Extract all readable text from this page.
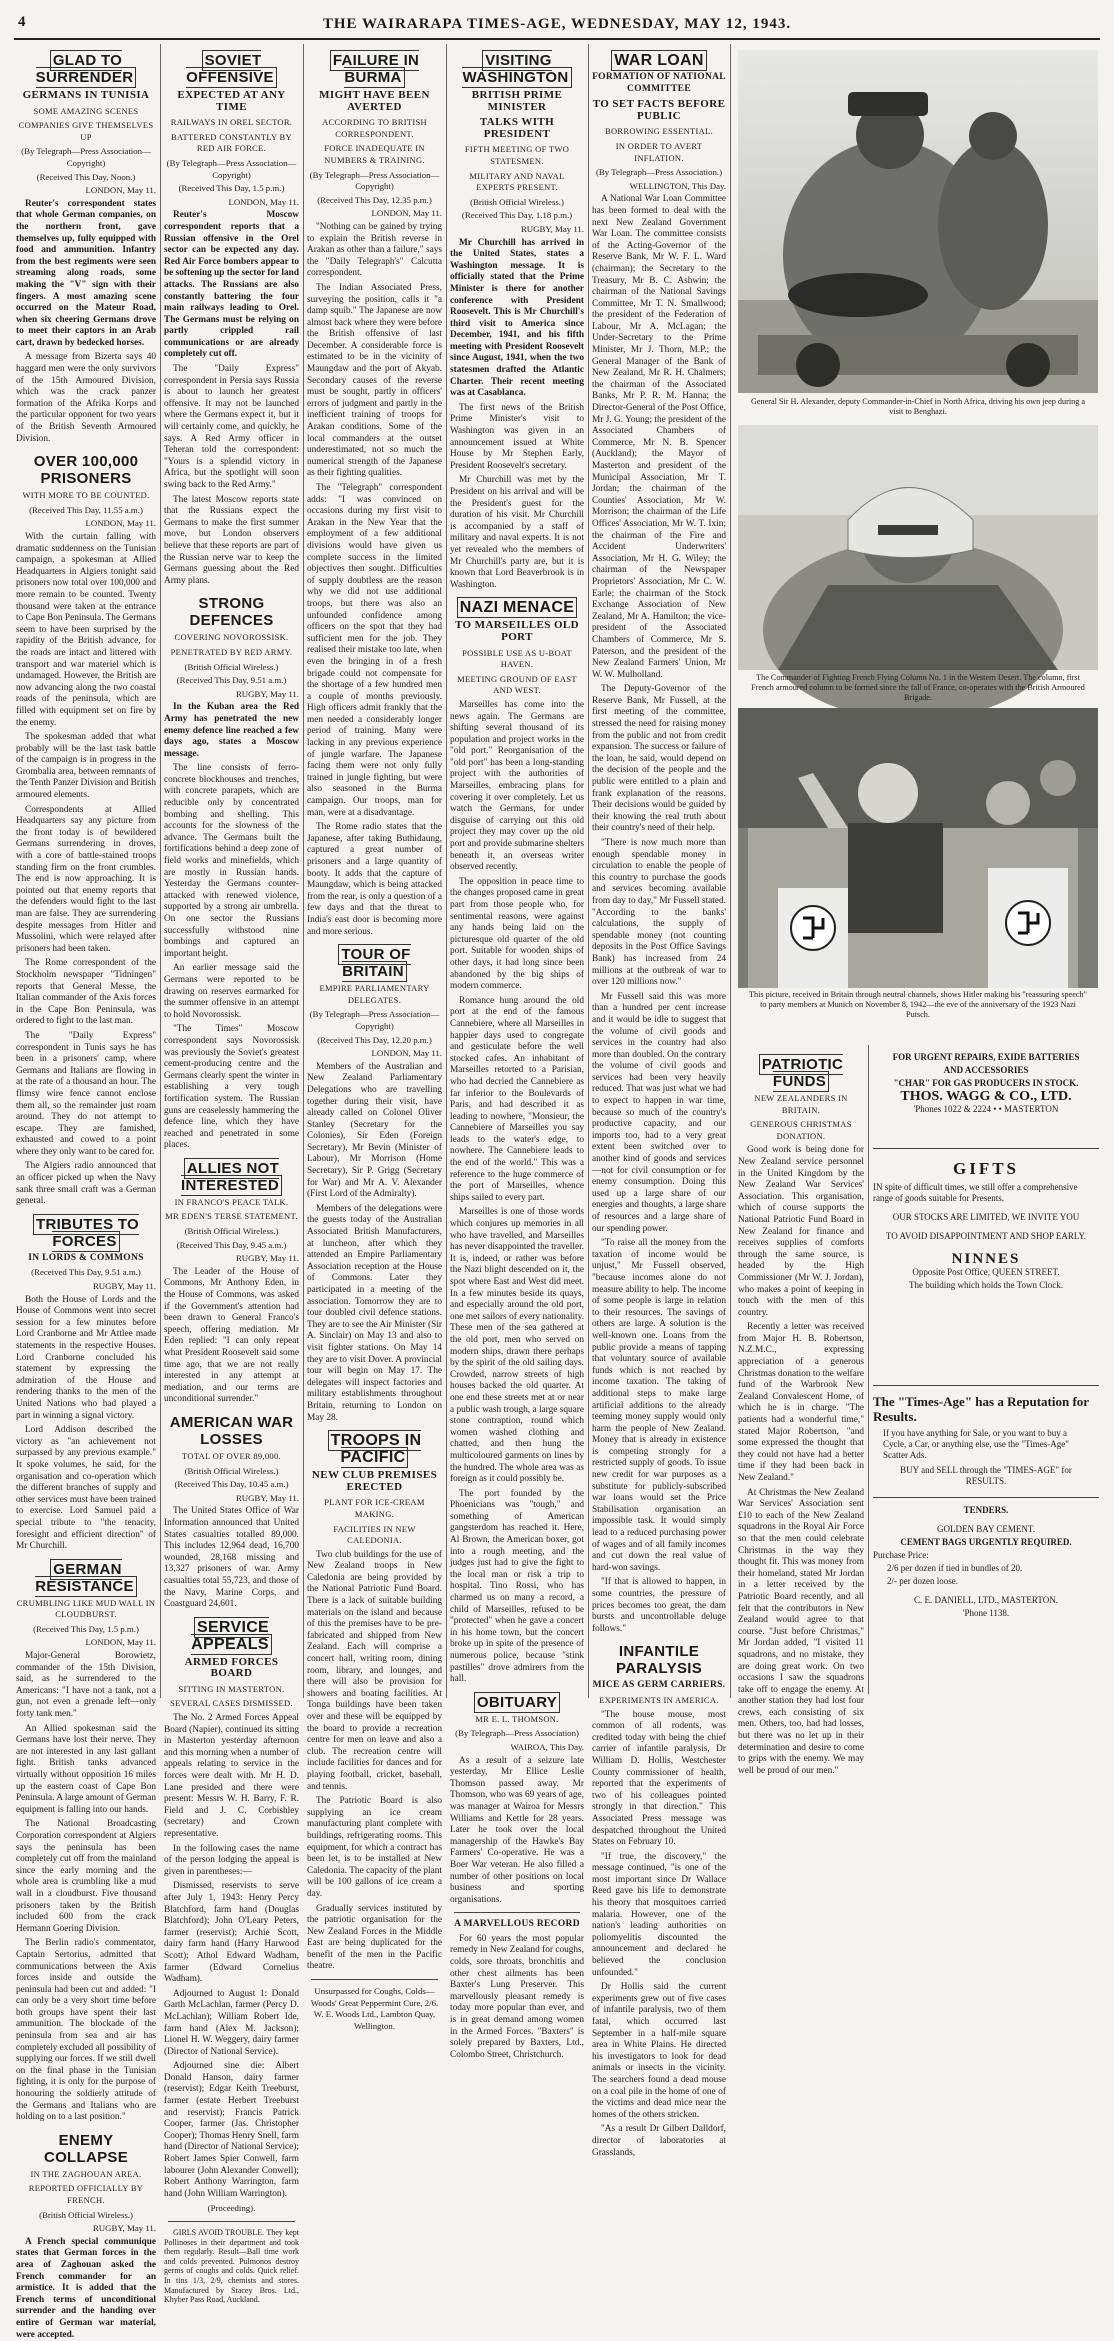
4	THE WAIRARAPA TIMES-AGE, WEDNESDAY, MAY 12, 1943.
GLAD TO SURRENDER
GERMANS IN TUNISIA
SOME AMAZING SCENES
COMPANIES GIVE THEMSELVES UP
(By Telegraph—Press Association—Copyright)
(Received This Day, Noon.)
LONDON, May 11.

Reuter's correspondent states that whole German companies, on the northern front, gave themselves up, fully equipped with food and ammunition. Infantry from the best regiments were seen streaming along roads, some making the "V" sign with their fingers. A most amazing scene occurred on the Mateur Road, when six cheering Germans drove to meet their captors in an Arab cart, drawn by bedecked horses.

A message from Bizerta says 40 haggard men were the only survivors of the 15th Armoured Division, which was the crack panzer formation of the Afrika Korps and the particular opponent for two years of the British Seventh Armoured Division.

OVER 100,000 PRISONERS
WITH MORE TO BE COUNTED.
(Received This Day, 11.55 a.m.)
LONDON, May 11.

With the curtain falling with dramatic suddenness on the Tunisian campaign, a spokesman at Allied Headquarters in Algiers tonight said prisoners now total over 100,000 and more remain to be counted. Twenty thousand were taken at the entrance to Cape Bon Peninsula. The Germans seem to have been surprised by the rapidity of the British advance, for the roads are intact and littered with transport and war materiel which is undamaged. However, the British are now advancing along the two coastal roads of the peninsula, which are filled with equipment set on fire by the enemy.

The spokesman added that what probably will be the last task battle of the campaign is in progress in the Grombalia area, between remnants of the Tenth Panzer Division and British armoured elements.

Correspondents at Allied Headquarters say any picture from the front today is of bewildered Germans surrendering in droves, with a core of battle-stained troops standing firm on the front crumbles. The end is now approaching. It is pointed out that enemy reports that the defenders would fight to the last man are false. They are surrendering despite messages from Hitler and Mussolini, which were relayed after prisoners had been taken.

The Rome correspondent of the Stockholm newspaper "Tidningen" reports that General Messe, the Italian commander of the Axis forces in the Cape Bon Peninsula, was ordered to fight to the last man.

The "Daily Express" correspondent in Tunis says he has been in a prisoners' camp, where Germans and Italians are flowing in at the rate of a thousand an hour. The flimsy wire fence cannot enclose them all, so the remainder just roam around. They do not attempt to escape. They are famished, exhausted and cowed to a point where they only want to be cared for.

The Algiers radio announced that an officer picked up when the Navy sank three small craft was a German general.

TRIBUTES TO FORCES
IN LORDS & COMMONS
(Received This Day, 9.51 a.m.)
RUGBY, May 11.

Both the House of Lords and the House of Commons went into secret session for a few minutes before Lord Cranborne and Mr Attlee made statements in the respective Houses. Lord Cranborne concluded his statement by expressing the admiration of the House and rendering thanks to the men of the United Nations who had played a part in winning a signal victory.

Lord Addison described the victory as "an achievement not surpassed by any previous example." It spoke volumes, he said, for the organisation and co-operation which the different branches of supply and other services must have been trained to exercise. Lord Samuel paid a special tribute to "the tenacity, foresight and efficient direction" of Mr Churchill.

GERMAN RESISTANCE
CRUMBLING LIKE MUD WALL IN CLOUDBURST.
(Received This Day, 1.5 p.m.)
LONDON, May 11.

Major-General Borowietz, commander of the 15th Division, said, as he surrendered to the Americans: "I have not a tank, not a gun, not even a grenade left—only forty tank men."

An Allied spokesman said the Germans have lost their nerve. They are not interested in any last gallant fight. British tanks advanced virtually without opposition 16 miles up the eastern coast of Cape Bon Peninsula. A large amount of German equipment is falling into our hands.

The National Broadcasting Corporation correspondent at Algiers says the peninsula has been completely cut off from the mainland since the early morning and the whole area is crumbling like a mud wall in a cloudburst. Five thousand prisoners taken by the British included 600 from the crack Hermann Goering Division.

The Berlin radio's commentator, Captain Sertorius, admitted that communications between the Axis forces inside and outside the peninsula had been cut and added: "I can only be a very short time before both groups have spent their last ammunition. The blockade of the peninsula from sea and air has completely excluded all possibility of supplying our forces. If we still dwell on the final phase in the Tunisian fighting, it is only for the purpose of honouring the soldierly attitude of the Germans and Italians who are holding on to a last position."

ENEMY COLLAPSE
IN THE ZAGHOUAN AREA.
REPORTED OFFICIALLY BY FRENCH.
(British Official Wireless.)
RUGBY, May 11.

A French special communique states that German forces in the area of Zaghouan asked the French commander for an armistice. It is added that the French terms of unconditional surrender and the handing over entire of German war material, were accepted.

SOVIET OFFENSIVE
EXPECTED AT ANY TIME
RAILWAYS IN OREL SECTOR.
BATTERED CONSTANTLY BY RED AIR FORCE.
(By Telegraph—Press Association—Copyright)
(Received This Day, 1.5 p.m.)
LONDON, May 11.

Reuter's Moscow correspondent reports that a Russian offensive in the Orel sector can be expected any day. Red Air Force bombers appear to be softening up the sector for land attacks. The Russians are also constantly battering the four main railways leading to Orel. The Germans must be relying on partly crippled rail communications or are already completely cut off.

The "Daily Express" correspondent in Persia says Russia is about to launch her greatest offensive. It may not be launched where the Germans expect it, but it will certainly come, and quickly, he says. A Red Army officer in Teheran told the correspondent: "Yours is a splendid victory in Africa, but the spotlight will soon swing back to the Red Army."

The latest Moscow reports state that the Russians expect the Germans to make the first summer move, but London observers believe that these reports are part of the Russian nerve war to keep the Germans guessing about the Red Army plans.

STRONG DEFENCES
COVERING NOVOROSSISK.
PENETRATED BY RED ARMY.
(British Official Wireless.)
(Received This Day, 9.51 a.m.)
RUGBY, May 11.

In the Kuban area the Red Army has penetrated the new enemy defence line reached a few days ago, states a Moscow message.

The line consists of ferro-concrete blockhouses and trenches, with concrete parapets, which are reducible only by concentrated bombing and shelling. This accounts for the slowness of the advance. The Germans built the fortifications behind a deep zone of field works and minefields, which are mostly in Russian hands. Yesterday the Germans counter-attacked with renewed violence, supported by a strong air umbrella. On one sector the Russians successfully withstood nine bombings and captured an important height.

An earlier message said the Germans were reported to be drawing on reserves earmarked for the summer offensive in an attempt to hold Novorossisk.

"The Times" Moscow correspondent says Novorossisk was previously the Soviet's greatest cement-producing centre and the Germans clearly spent the winter in establishing a very tough fortification system. The Russian guns are ceaselessly hammering the defence line, which they have reached and penetrated in some places.

ALLIES NOT INTERESTED
IN FRANCO'S PEACE TALK.
MR EDEN'S TERSE STATEMENT.
(British Official Wireless.)
(Received This Day, 9.45 a.m.)
RUGBY, May 11.

The Leader of the House of Commons, Mr Anthony Eden, in the House of Commons, was asked if the Government's attention had been drawn to General Franco's speech, offering mediation. Mr Eden replied: "I can only repeat what President Roosevelt said some time ago, that we are not really interested in any attempt at mediation, and our terms are unconditional surrender."

AMERICAN WAR LOSSES
TOTAL OF OVER 89,000.
(British Official Wireless.)
(Received This Day, 10.45 a.m.)
RUGBY, May 11.

The United States Office of War Information announced that United States casualties totalled 89,000. This includes 12,964 dead, 16,700 wounded, 28,168 missing and 13,327 prisoners of war. Army casualties total 55,723, and those of the Navy, Marine Corps, and Coastguard 24,601.

SERVICE APPEALS
ARMED FORCES BOARD
SITTING IN MASTERTON.
SEVERAL CASES DISMISSED.

The No. 2 Armed Forces Appeal Board (Napier), continued its sitting in Masterton yesterday afternoon and this morning when a number of appeals relating to service in the forces were dealt with. Mr H. D. Lane presided and there were present: Messrs W. H. Barry, F. R. Field and J. C. Corbishley (secretary) and Crown representative.

In the following cases the name of the person lodging the appeal is given in parentheses:—

Dismissed, reservists to serve after July 1, 1943: Henry Percy Blatchford, farm hand (Douglas Blatchford); John O'Leary Peters, farmer (reservist); Archie Scott, dairy farm hand (Harry Harwood Scott); Athol Edward Wadham, farmer (Edward Cornelius Wadham).

Adjourned to August 1: Donald Garth McLachlan, farmer (Percy D. McLachlan); William Robert Ide, farm hand (Alex M. Jackson); Lionel H. W. Weggery, dairy farmer (Director of National Service).

Adjourned sine die: Albert Donald Hanson, dairy farmer (reservist); Edgar Keith Treeburst, farmer (estate Herbert Treeburst and reservist); Francis Patrick Cooper, farmer (Jas. Christopher Cooper); Thomas Henry Snell, farm hand (Director of National Service); Robert James Spier Conwell, farm labourer (John Alexander Conwell); Robert Anthony Warrington, farm hand (John William Warrington).

(Proceeding).

GIRLS AVOID TROUBLE. They kept Pollinoses in their department and took them regularly. Result—Ball time work and colds prevented. Pulmonos destroy germs of coughs and colds. Quick relief. In tins 1/3, 2/9, chemists and stores. Manufactured by Stacey Bros. Ltd., Khyber Pass Road, Auckland.

FAILURE IN BURMA
MIGHT HAVE BEEN AVERTED
ACCORDING TO BRITISH CORRESPONDENT.
FORCE INADEQUATE IN NUMBERS & TRAINING.
(By Telegraph—Press Association—Copyright)
(Received This Day, 12.35 p.m.)
LONDON, May 11.

"Nothing can be gained by trying to explain the British reverse in Arakan as other than a failure," says the "Daily Telegraph's" Calcutta correspondent.

The Indian Associated Press, surveying the position, calls it "a damp squib." The Japanese are now almost back where they were before the British offensive of last December. A considerable force is estimated to be in the vicinity of Maungdaw and the port of Akyab. Secondary causes of the reverse must be sought, partly in officers' errors of judgment and partly in the inefficient training of troops for Arakan conditions. Some of the local commanders at the outset underestimated, not so much the numerical strength of the Japanese as their fighting qualities.

The "Telegraph" correspondent adds: "I was convinced on occasions during my first visit to Arakan in the New Year that the employment of a few additional divisions would have given us complete success in the limited objectives then sought. Difficulties of supply doubtless are the reason why we did not use additional troops, but there was also an unfounded confidence among officers on the spot that they had sufficient men for the job. They realised their mistake too late, when even the bringing in of a fresh brigade could not compensate for the shortage of a few hundred men a couple of months previously. High officers admit frankly that the men needed a considerably longer period of training. Many were lacking in any previous experience of jungle warfare. The Japanese facing them were not only fully trained in jungle fighting, but were also seasoned in the Burma campaign. Our troops, man for man, were at a disadvantage.

The Rome radio states that the Japanese, after taking Buthidaung, captured a great number of prisoners and a large quantity of booty. It adds that the capture of Maungdaw, which is being attacked from the rear, is only a question of a few days and that the threat to India's east door is becoming more and more serious.

TOUR OF BRITAIN
EMPIRE PARLIAMENTARY DELEGATES.
(By Telegraph—Press Association—Copyright)
(Received This Day, 12.20 p.m.)
LONDON, May 11.

Members of the Australian and New Zealand Parliamentary Delegations who are travelling together during their visit, have already called on Colonel Oliver Stanley (Secretary for the Colonies), Sir Eden (Foreign Secretary), Mr Bevin (Minister of Labour), Mr Morrison (Home Secretary), Sir P. Grigg (Secretary for War) and Mr A. V. Alexander (First Lord of the Admiralty).

Members of the delegations were the guests today of the Australian Associated British Manufacturers, at luncheon, after which they attended an Empire Parliamentary Association reception at the House of Commons. Later they participated in a meeting of the association. Tomorrow they are to tour doubled civil defence stations. They are to see the Air Minister (Sir A. Sinclair) on May 13 and also to visit fighter stations. On May 14 they are to visit Dover. A provincial tour will begin on May 17. The delegates will inspect factories and military establishments throughout Britain, returning to London on May 28.

TROOPS IN PACIFIC
NEW CLUB PREMISES ERECTED
PLANT FOR ICE-CREAM MAKING.
FACILITIES IN NEW CALEDONIA.

Two club buildings for the use of New Zealand troops in New Caledonia are being provided by the National Patriotic Fund Board. There is a lack of suitable building materials on the island and because of this the premises have to be pre-fabricated and shipped from New Zealand. Each will comprise a concert hall, writing room, dining room, library, and lounges, and there will also be provision for showers and boating facilities. At Tonga buildings have been taken over and these will be equipped by the board to provide a recreation centre for men on leave and also a club. The recreation centre will include facilities for dances and for playing football, cricket, baseball, and tennis.

The Patriotic Board is also supplying an ice cream manufacturing plant complete with buildings, refrigerating rooms. This equipment, for which a contract has been let, is to be installed at New Caledonia. The capacity of the plant will be 100 gallons of ice cream a day.

Gradually services instituted by the patriotic organisation for the New Zealand Forces in the Middle East are being duplicated for the benefit of the men in the Pacific theatre.

Unsurpassed for Coughs, Colds— Woods' Great Peppermint Cure, 2/6. W. E. Woods Ltd., Lambton Quay, Wellington.
VISITING WASHINGTON
BRITISH PRIME MINISTER
TALKS WITH PRESIDENT
FIFTH MEETING OF TWO STATESMEN.
MILITARY AND NAVAL EXPERTS PRESENT.
(British Official Wireless.)
(Received This Day, 1.18 p.m.)
RUGBY, May 11.

Mr Churchill has arrived in the United States, states a Washington message. It is officially stated that the Prime Minister is there for another conference with President Roosevelt. This is Mr Churchill's third visit to America since December, 1941, and his fifth meeting with President Roosevelt since August, 1941, when the two statesmen drafted the Atlantic Charter. Their recent meeting was at Casablanca.

The first news of the British Prime Minister's visit to Washington was given in an announcement issued at White House by Mr Stephen Early, President Roosevelt's secretary.

Mr Churchill was met by the President on his arrival and will be the President's guest for the duration of his visit. Mr Churchill is accompanied by a staff of military and naval experts. It is not yet revealed who the members of Mr Churchill's party are, but it is known that Lord Beaverbrook is in Washington.

NAZI MENACE
TO MARSEILLES OLD PORT
POSSIBLE USE AS U-BOAT HAVEN.
MEETING GROUND OF EAST AND WEST.

Marseilles has come into the news again. The Germans are shifting several thousand of its population and project works in the "old port." Reorganisation of the "old port" has been a long-standing project with the authorities of Marseilles, embracing plans for covering it over completely. Let us watch the Germans, for under disguise of carrying out this old project they may cover up the old port and provide submarine shelters beneath it, an overseas writer observed recently.

The opposition in peace time to the changes proposed came in great part from those people who, for sentimental reasons, were against any hands being laid on the picturesque old quarter of the old port. Suitable for wooden ships of other days, it had long since been abandoned by the big ships of modern commerce.

Romance hung around the old port at the end of the famous Cannebiere, where all Marseilles in happier days used to congregate and gesticulate before the well stocked cafes. An inhabitant of Marseilles retorted to a Parisian, who had decried the Cannebiere as far inferior to the Boulevards of Paris, and had described it as leading to nowhere, "Monsieur, the Cannebiere of Marseilles you say leads to the water's edge, to nowhere. The Cannebiere leads to the end of the world." This was a reference to the huge commerce of the port of Marseilles, whence ships sailed to every part.

Marseilles is one of those words which conjures up memories in all who have travelled, and Marseilles has never disappointed the traveller. It is, indeed, or rather was before the Nazi blight descended on it, the spot where East and West did meet. In a few minutes beside its quays, and especially around the old port, one met sailors of every nationality. These men of the sea gathered at the old port, men who served on modern ships, drawn there perhaps by the spirit of the old sailing days. Crowded, narrow streets of high houses backed the old quarter. At one end these streets met at or near a public wash trough, a large square stone contraption, round which women washed clothing and chatted, and then hung the multicoloured garments on lines by the hundred. The whole area was as foreign as it could possibly be.

The port founded by the Phoenicians was "tough," and something of American gangsterdom has reached it. Here, Al Brown, the American boxer, got into a rough meeting, and the judges just had to give the fight to the local man or risk a trip to hospital. Tino Rossi, who has charmed us on many a record, a child of Marseilles, refused to be "protected" when he gave a concert in his home town, but the concert broke up in spite of the presence of numerous police, because "stink pastilles" drove admirers from the hall.

OBITUARY
MR E. L. THOMSON.
(By Telegraph—Press Association)
WAIROA, This Day.

As a result of a seizure late yesterday, Mr Ellice Leslie Thomson passed away. Mr Thomson, who was 69 years of age, was manager at Wairoa for Messrs Williams and Kettle for 28 years. Later he took over the local managership of the Hawke's Bay Farmers' Co-operative. He was a Boer War veteran. He also filled a number of other positions on local business and sporting organisations.

A MARVELLOUS RECORD

For 60 years the most popular remedy in New Zealand for coughs, colds, sore throats, bronchitis and other chest ailments has been Baxter's Lung Preserver. This marvellously pleasant remedy is today more popular than ever, and is in great demand among women in the Armed Forces. "Baxters" is solely prepared by Baxters, Ltd., Colombo Street, Christchurch.

WAR LOAN
FORMATION OF NATIONAL COMMITTEE
TO SET FACTS BEFORE PUBLIC
BORROWING ESSENTIAL.
IN ORDER TO AVERT INFLATION.
(By Telegraph—Press Association.)
WELLINGTON, This Day.

A National War Loan Committee has been formed to deal with the next New Zealand Government War Loan. The committee consists of the Acting-Governor of the Reserve Bank, Mr W. F. L. Ward (chairman); the Secretary to the Treasury, Mr B. C. Ashwin; the chairman of the National Savings Committee, Mr T. N. Smallwood; the president of the Federation of Labour, Mr A. McLagan; the Under-Secretary to the Prime Minister, Mr J. Thorn, M.P.; the General Manager of the Bank of New Zealand, Mr R. H. Chalmers; the chairman of the Associated Banks, Mr P. R. M. Hanna; the Director-General of the Post Office, Mr J. G. Young; the president of the Associated Chambers of Commerce, Mr N. B. Spencer (Auckland); the Mayor of Masterton and president of the Municipal Association, Mr T. Jordan; the chairman of the Counties' Association, Mr W. Morrison; the chairman of the Life Offices' Association, Mr W. T. Ixin; the chairman of the Fire and Accident Underwriters' Association, Mr H. G. Wiley; the chairman of the Newspaper Proprietors' Association, Mr C. W. Earle; the chairman of the Stock Exchange Association of New Zealand, Mr A. Hamilton; the vice-president of the Associated Chambers of Commerce, Mr S. Paterson, and the president of the New Zealand Farmers' Union, Mr W. W. Mulholland.

The Deputy-Governor of the Reserve Bank, Mr Fussell, at the first meeting of the committee, stressed the need for raising money from the public and not from credit expansion. The success or failure of the loan, he said, would depend on the decision of the people and the public were entitled to a plain and frank explanation of the reasons. Their decisions would be guided by their knowing the real truth about their country's need of their help.

"There is now much more than enough spendable money in circulation to enable the people of this country to purchase the goods and services becoming available from day to day," Mr Fussell stated. "According to the banks' calculations, the supply of spendable money (not counting deposits in the Post Office Savings Bank) has increased from 24 millions at the outbreak of war to over 120 millions now."

Mr Fussell said this was more than a hundred per cent increase and it would be idle to suggest that the volume of civil goods and services in the country had also more than doubled. On the contrary the volume of civil goods and services had been very heavily reduced. That was just what we had to expect to happen in war time, because so much of the country's productive capacity, and our imports too, had to a very great extent been switched over to another kind of goods and services—not for civil consumption or for enemy consumption. Doing this used up a large share of our energies and thoughts, a large share of resources and a large share of our spending power.

"To raise all the money from the taxation of income would be unjust," Mr Fussell observed, "because incomes alone do not measure ability to help. The income of some people is large in relation to their resources. The savings of others are large. A solution is the well-known one. Loans from the public provide a means of tapping that voluntary source of available funds which is not reached by income taxation. The taking of additional steps to make large artificial additions to the already teeming money supply would only harm the people of New Zealand. Money that is already in existence is competing strongly for a restricted supply of goods. To issue new credit for war purposes as a substitute for publicly-subscribed war loans would set the Price Stabilisation organisation an impossible task. It would simply lead to a reduced purchasing power of wages and of all family incomes and cut down the real value of hard-won savings.

"If that is allowed to happen, in some countries, the pressure of prices becomes too great, the dam bursts and uncontrollable deluge follows."

INFANTILE PARALYSIS
MICE AS GERM CARRIERS.
EXPERIMENTS IN AMERICA.

"The house mouse, most common of all rodents, was credited today with being the chief carrier of infantile paralysis, Dr William D. Hollis, Westchester County commissioner of health, reported that the experiments of two of his colleagues pointed strongly in that direction." This Associated Press message was despatched throughout the United States on February 10.

"If true, the discovery," the message continued, "is one of the most important since Dr Wallace Reed gave his life to demonstrate his theory that mosquitoes carried malaria. However, one of the nation's leading authorities on poliomyelitis discounted the announcement and declared he believed the conclusion unfounded."

Dr Hollis said the current experiments grew out of five cases of infantile paralysis, two of them fatal, which occurred last September in a half-mile square area in White Plains. He directed his investigators to look for dead animals or insects in the vicinity. The searchers found a dead mouse on a coal pile in the home of one of the victims and dead mice near the homes of the others stricken.

"As a result Dr Gilbert Dalldorf, director of laboratories at Grasslands,

General Sir H. Alexander, deputy Commander-in-Chief in North Africa, driving his own jeep during a visit to Benghazi.
The Commander of Fighting French Flying Column No. 1 in the Western Desert. The column, first French armoured column to be formed since the fall of France, co-operates with the British Armoured Brigade.
This picture, received in Britain through neutral channels, shows Hitler making his "reassuring speech" to party members at Munich on November 8, 1942—the eve of the anniversary of the 1923 Nazi Putsch.
PATRIOTIC FUNDS
NEW ZEALANDERS IN BRITAIN.
GENEROUS CHRISTMAS DONATION.

Good work is being done for New Zealand service personnel in the United Kingdom by the New Zealand War Services' Association. This organisation, which of course supports the National Patriotic Fund Board in New Zealand for finance and receives supplies of comforts through the same source, is headed by the High Commissioner (Mr W. J. Jordan), who makes a point of keeping in touch with the men of this country.

Recently a letter was received from Major H. B. Robertson, N.Z.M.C., expressing appreciation of a generous Christmas donation to the welfare fund of the Warbrook New Zealand Convalescent Home, of which he is in charge. "The patients had a wonderful time," stated Major Robertson, "and some expressed the thought that they could not have had a better time if they had been back in New Zealand."

At Christmas the New Zealand War Services' Association sent £10 to each of the New Zealand squadrons in the Royal Air Force so that the men could celebrate Christmas in the way they thought fit. This was money from their homeland, stated Mr Jordan in a letter received by the Patriotic Board recently, and all felt that the contributors in New Zealand would agree to that course. "Just before Christmas," Mr Jordan added, "I visited 11 squadrons, and no mistake, they are doing great work. On two occasions I saw the squadrons take off to engage the enemy. At another station they had lost four crews, each consisting of six men. Others, too, had had losses, but there was no let up in their determination and desire to come to grips with the enemy. We may well be proud of our men."

FOR URGENT REPAIRS, EXIDE BATTERIES

AND ACCESSORIES

"CHAR" FOR GAS PRODUCERS IN STOCK.

THOS. WAGG & CO., LTD.

'Phones 1022 & 2224 • • MASTERTON

GIFTS

IN spite of difficult times, we still offer a comprehensive range of goods suitable for Presents.

OUR STOCKS ARE LIMITED, WE INVITE YOU

TO AVOID DISAPPOINTMENT AND SHOP EARLY.

NINNES

Opposite Post Office, QUEEN STREET.

The building which holds the Town Clock.

The "Times-Age" has a Reputation for Results.

If you have anything for Sale, or you want to buy a Cycle, a Car, or anything else, use the "Times-Age" Scatter Ads.

BUY and SELL through the "TIMES-AGE" for RESULTS.

TENDERS.

GOLDEN BAY CEMENT.

CEMENT BAGS URGENTLY REQUIRED.

Purchase Price:

2/6 per dozen if tied in bundles of 20.

2/- per dozen loose.

C. E. DANIELL, LTD., MASTERTON.

'Phone 1138.
